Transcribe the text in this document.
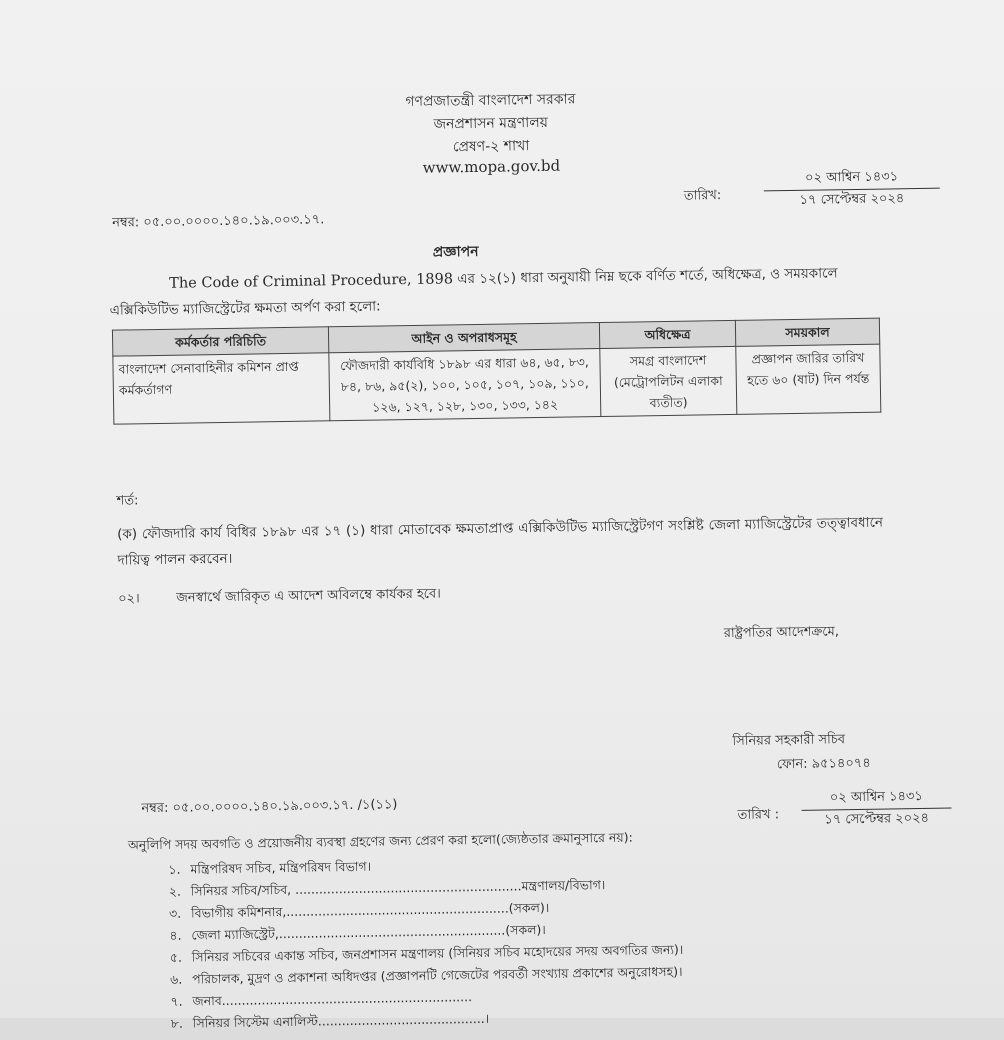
গণপ্রজাতন্ত্রী বাংলাদেশ সরকার
জনপ্রশাসন মন্ত্রণালয়
প্রেষণ-২ শাখা
www.mopa.gov.bd
নম্বর: ০৫.০০.০০০০.১৪০.১৯.০০৩.১৭.
তারিখ:
০২ আশ্বিন ১৪৩১
১৭ সেপ্টেম্বর ২০২৪
প্রজ্ঞাপন

The Code of Criminal Procedure, 1898 এর ১২(১) ধারা অনুযায়ী নিম্ন ছকে বর্ণিত শর্তে, অধিক্ষেত্র, ও সময়কালে এক্সিকিউটিভ ম্যাজিস্ট্রেটের ক্ষমতা অর্পণ করা হলো:

কর্মকর্তার পরিচিতি	আইন ও অপরাধসমূহ	অধিক্ষেত্র	সময়কাল
বাংলাদেশ সেনাবাহিনীর কমিশন প্রাপ্ত কর্মকর্তাগণ	ফৌজদারী কার্যবিধি ১৮৯৮ এর ধারা ৬৪, ৬৫, ৮৩, ৮৪, ৮৬, ৯৫(২), ১০০, ১০৫, ১০৭, ১০৯, ১১০, ১২৬, ১২৭, ১২৮, ১৩০, ১৩৩, ১৪২	সমগ্র বাংলাদেশ (মেট্রোপলিটন এলাকা ব্যতীত)	প্রজ্ঞাপন জারির তারিখ হতে ৬০ (ষাট) দিন পর্যন্ত
শর্ত:

(ক) ফৌজদারি কার্য বিধির ১৮৯৮ এর ১৭ (১) ধারা মোতাবেক ক্ষমতাপ্রাপ্ত এক্সিকিউটিভ ম্যাজিস্ট্রেটগণ সংশ্লিষ্ট জেলা ম্যাজিস্ট্রেটের তত্ত্বাবধানে দায়িত্ব পালন করবেন।

০২।	জনস্বার্থে জারিকৃত এ আদেশ অবিলম্বে কার্যকর হবে।
রাষ্ট্রপতির আদেশক্রমে,
সিনিয়র সহকারী সচিব
ফোন: ৯৫১৪০৭৪
নম্বর: ০৫.০০.০০০০.১৪০.১৯.০০৩.১৭. /১(১১)	তারিখ :
০২ আশ্বিন ১৪৩১
১৭ সেপ্টেম্বর ২০২৪
অনুলিপি সদয় অবগতি ও প্রয়োজনীয় ব্যবস্থা গ্রহণের জন্য প্রেরণ করা হলো(জ্যেষ্ঠতার ক্রমানুসারে নয়):
১. মন্ত্রিপরিষদ সচিব, মন্ত্রিপরিষদ বিভাগ।
২. সিনিয়র সচিব/সচিব, .........................................................মন্ত্রণালয়/বিভাগ।
৩. বিভাগীয় কমিশনার,........................................................(সকল)।
৪. জেলা ম্যাজিস্ট্রেট,.........................................................(সকল)।
৫. সিনিয়র সচিবের একান্ত সচিব, জনপ্রশাসন মন্ত্রণালয় (সিনিয়র সচিব মহোদয়ের সদয় অবগতির জন্য)।
৬. পরিচালক, মুদ্রণ ও প্রকাশনা অধিদপ্তর (প্রজ্ঞাপনটি গেজেটের পরবর্তী সংখ্যায় প্রকাশের অনুরোধসহ)।
৭. জনাব...............................................................
৮. সিনিয়র সিস্টেম এনালিস্ট..........................................।
